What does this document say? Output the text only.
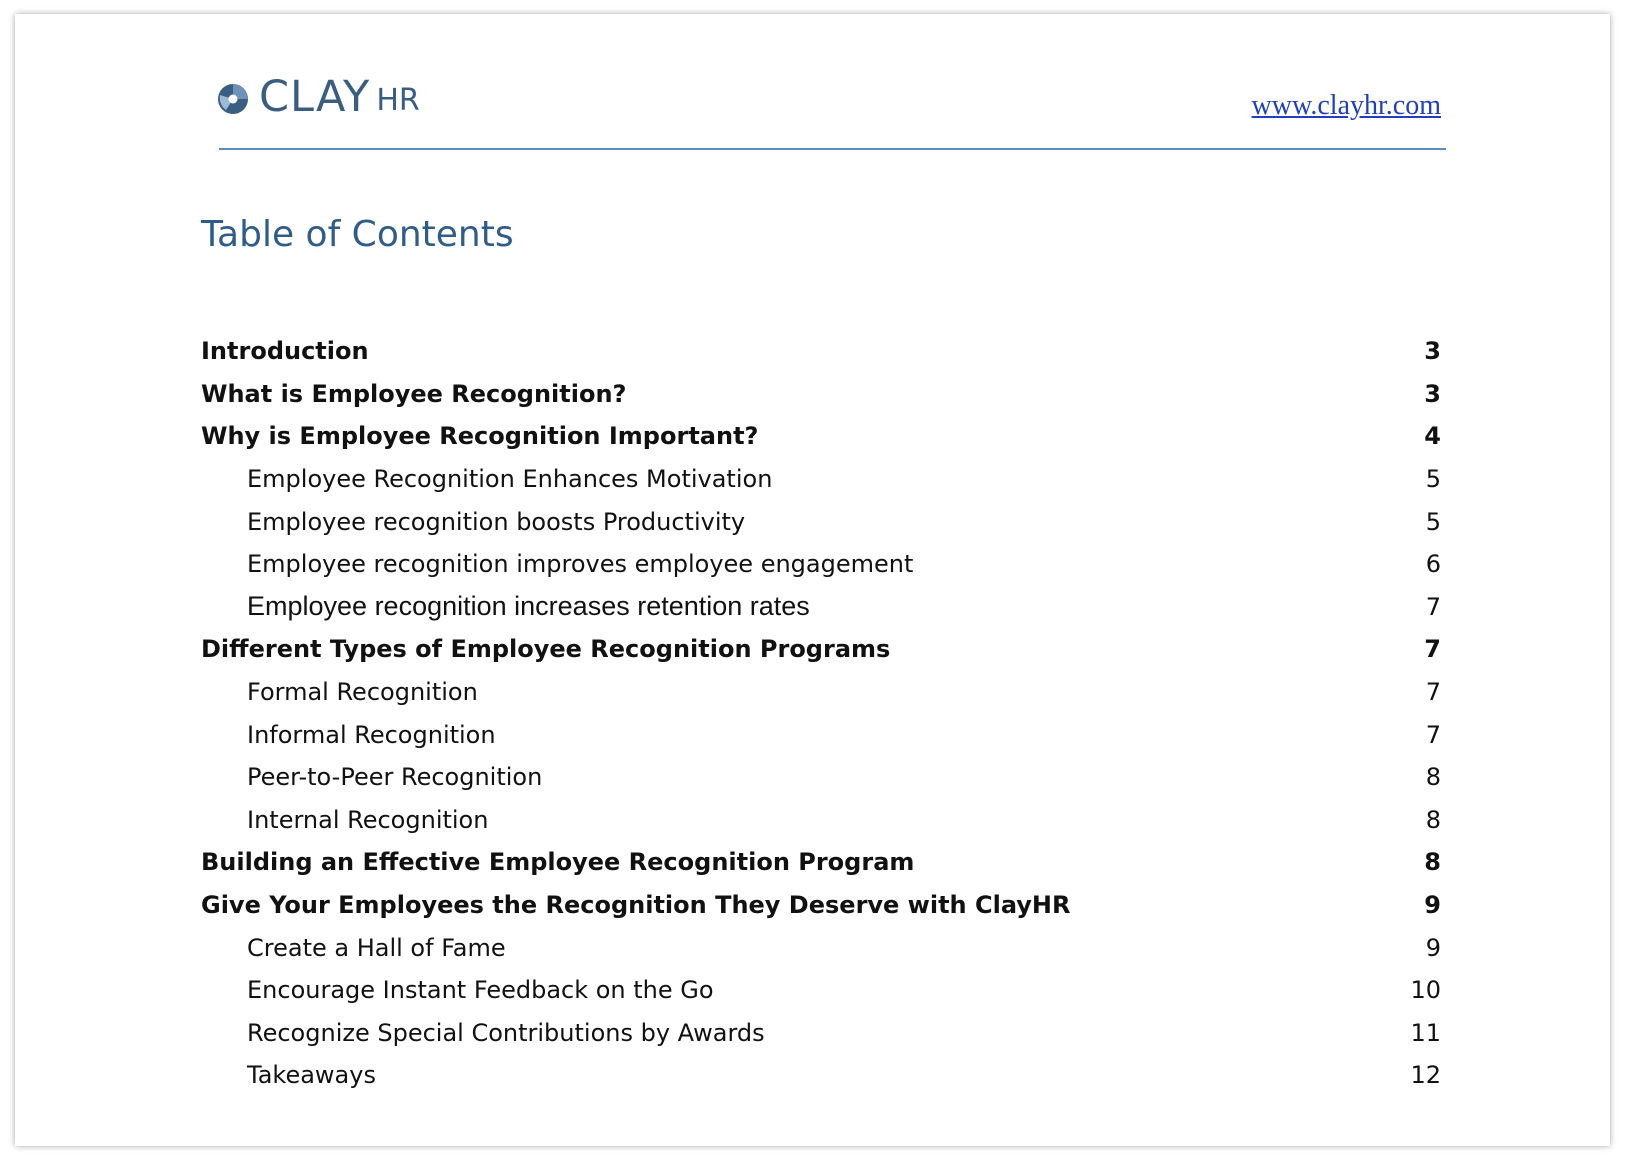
CLAY HR	www.clayhr.com
Table of Contents
Introduction	3
What is Employee Recognition?	3
Why is Employee Recognition Important?	4
Employee Recognition Enhances Motivation	5
Employee recognition boosts Productivity	5
Employee recognition improves employee engagement	6
Employee recognition increases retention rates	7
Different Types of Employee Recognition Programs	7
Formal Recognition	7
Informal Recognition	7
Peer-to-Peer Recognition	8
Internal Recognition	8
Building an Effective Employee Recognition Program	8
Give Your Employees the Recognition They Deserve with ClayHR	9
Create a Hall of Fame	9
Encourage Instant Feedback on the Go	10
Recognize Special Contributions by Awards	11
Takeaways	12
